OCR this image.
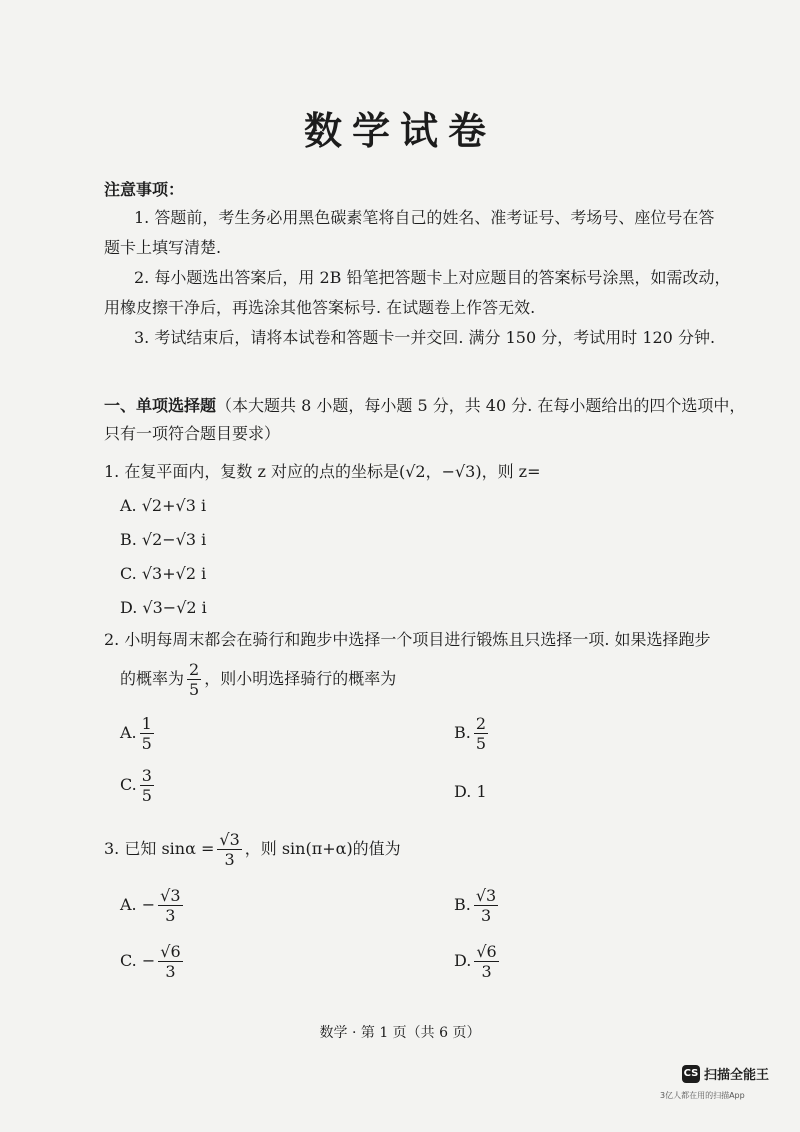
数学试卷
注意事项：
1. 答题前，考生务必用黑色碳素笔将自己的姓名、准考证号、考场号、座位号在答
题卡上填写清楚.
2. 每小题选出答案后，用 2B 铅笔把答题卡上对应题目的答案标号涂黑，如需改动，
用橡皮擦干净后，再选涂其他答案标号. 在试题卷上作答无效.
3. 考试结束后，请将本试卷和答题卡一并交回. 满分 150 分，考试用时 120 分钟.
一、单项选择题（本大题共 8 小题，每小题 5 分，共 40 分. 在每小题给出的四个选项中，
只有一项符合题目要求）
1. 在复平面内，复数 z 对应的点的坐标是(√2，−√3)，则 z=
A. √2+√3 i
B. √2−√3 i
C. √3+√2 i
D. √3−√2 i
2. 小明每周末都会在骑行和跑步中选择一个项目进行锻炼且只选择一项. 如果选择跑步
的概率为 $\frac{2}{5}$ ，则小明选择骑行的概率为
A. $\frac{1}{5}$	B. $\frac{2}{5}$
C. $\frac{3}{5}$	D. 1
3. 已知 $\sin\alpha = \frac{√3}{3}$ ，则 sin(π+α)的值为
A. − $\frac{√3}{3}$	B. $\frac{√3}{3}$
C. − $\frac{√6}{3}$	D. $\frac{√6}{3}$
数学 · 第 1 页（共 6 页）
CS 扫描全能王
3亿人都在用的扫描App
